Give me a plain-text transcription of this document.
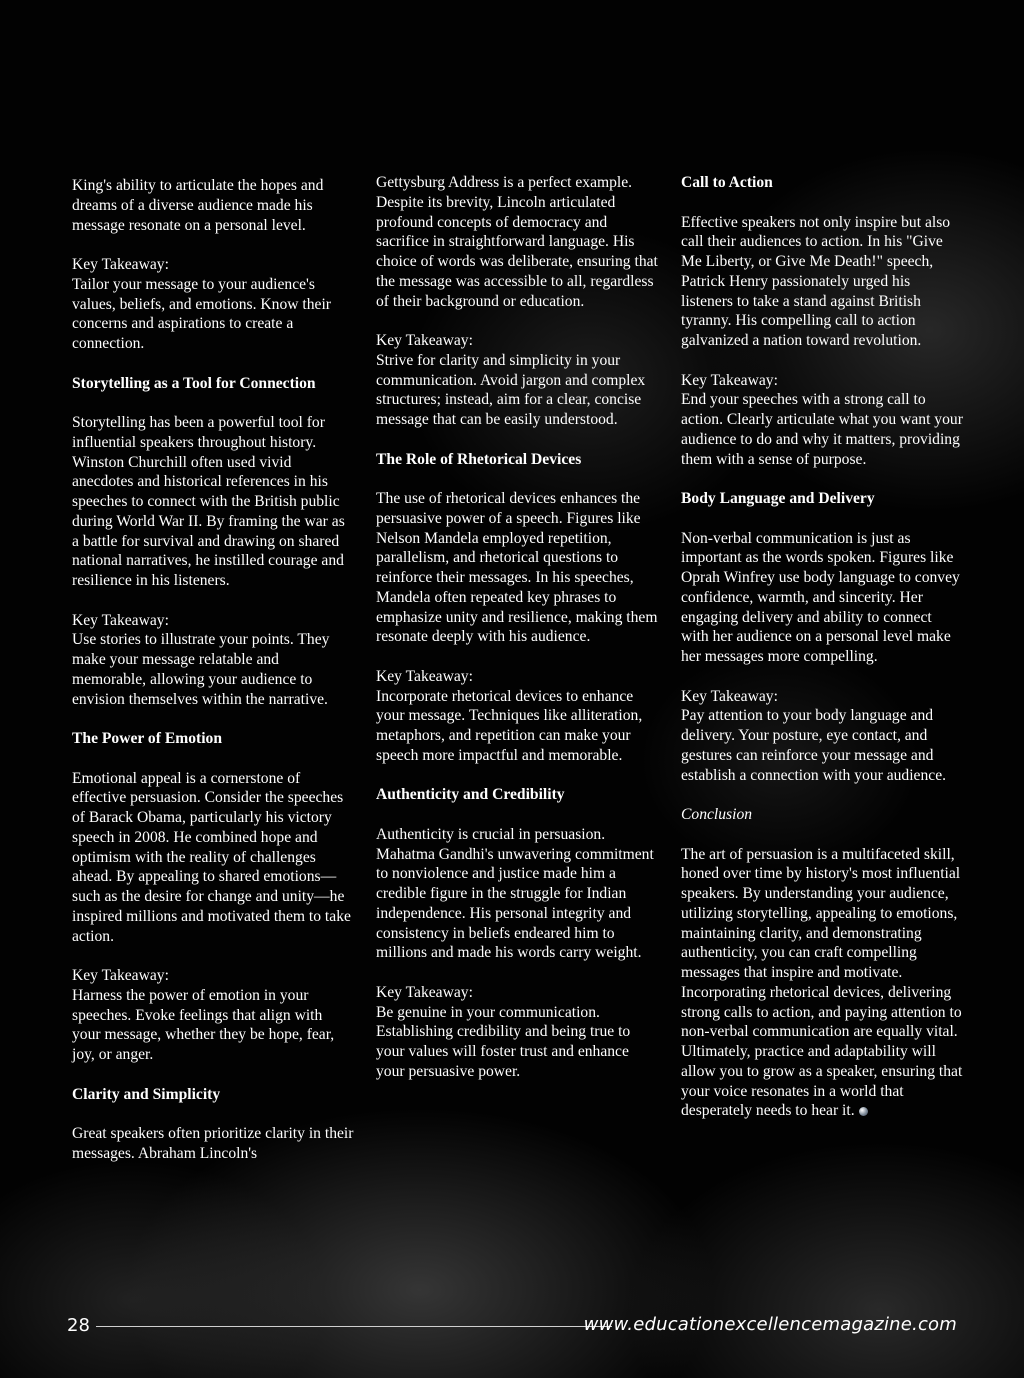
King's ability to articulate the hopes and dreams of a diverse audience made his message resonate on a personal level.

Key Takeaway:
Tailor your message to your audience's values, beliefs, and emotions. Know their concerns and aspirations to create a connection.

Storytelling as a Tool for Connection

Storytelling has been a powerful tool for influential speakers throughout history. Winston Churchill often used vivid anecdotes and historical references in his speeches to connect with the British public during World War II. By framing the war as a battle for survival and drawing on shared national narratives, he instilled courage and resilience in his listeners.

Key Takeaway:
Use stories to illustrate your points. They make your message relatable and memorable, allowing your audience to envision themselves within the narrative.

The Power of Emotion

Emotional appeal is a cornerstone of effective persuasion. Consider the speeches of Barack Obama, particularly his victory speech in 2008. He combined hope and optimism with the reality of challenges ahead. By appealing to shared emotions—such as the desire for change and unity—he inspired millions and motivated them to take action.

Key Takeaway:
Harness the power of emotion in your speeches. Evoke feelings that align with your message, whether they be hope, fear, joy, or anger.

Clarity and Simplicity

Great speakers often prioritize clarity in their messages. Abraham Lincoln's

Gettysburg Address is a perfect example. Despite its brevity, Lincoln articulated profound concepts of democracy and sacrifice in straightforward language. His choice of words was deliberate, ensuring that the message was accessible to all, regardless of their background or education.

Key Takeaway:
Strive for clarity and simplicity in your communication. Avoid jargon and complex structures; instead, aim for a clear, concise message that can be easily understood.

The Role of Rhetorical Devices

The use of rhetorical devices enhances the persuasive power of a speech. Figures like Nelson Mandela employed repetition, parallelism, and rhetorical questions to reinforce their messages. In his speeches, Mandela often repeated key phrases to emphasize unity and resilience, making them resonate deeply with his audience.

Key Takeaway:
Incorporate rhetorical devices to enhance your message. Techniques like alliteration, metaphors, and repetition can make your speech more impactful and memorable.

Authenticity and Credibility

Authenticity is crucial in persuasion. Mahatma Gandhi's unwavering commitment to nonviolence and justice made him a credible figure in the struggle for Indian independence. His personal integrity and consistency in beliefs endeared him to millions and made his words carry weight.

Key Takeaway:
Be genuine in your communication. Establishing credibility and being true to your values will foster trust and enhance your persuasive power.

Call to Action

Effective speakers not only inspire but also call their audiences to action. In his "Give Me Liberty, or Give Me Death!" speech, Patrick Henry passionately urged his listeners to take a stand against British tyranny. His compelling call to action galvanized a nation toward revolution.

Key Takeaway:
End your speeches with a strong call to action. Clearly articulate what you want your audience to do and why it matters, providing them with a sense of purpose.

Body Language and Delivery

Non-verbal communication is just as important as the words spoken. Figures like Oprah Winfrey use body language to convey confidence, warmth, and sincerity. Her engaging delivery and ability to connect with her audience on a personal level make her messages more compelling.

Key Takeaway:
Pay attention to your body language and delivery. Your posture, eye contact, and gestures can reinforce your message and establish a connection with your audience.

Conclusion

The art of persuasion is a multifaceted skill, honed over time by history's most influential speakers. By understanding your audience, utilizing storytelling, appealing to emotions, maintaining clarity, and demonstrating authenticity, you can craft compelling messages that inspire and motivate. Incorporating rhetorical devices, delivering strong calls to action, and paying attention to non-verbal communication are equally vital. Ultimately, practice and adaptability will allow you to grow as a speaker, ensuring that your voice resonates in a world that desperately needs to hear it.

28	www.educationexcellencemagazine.com
